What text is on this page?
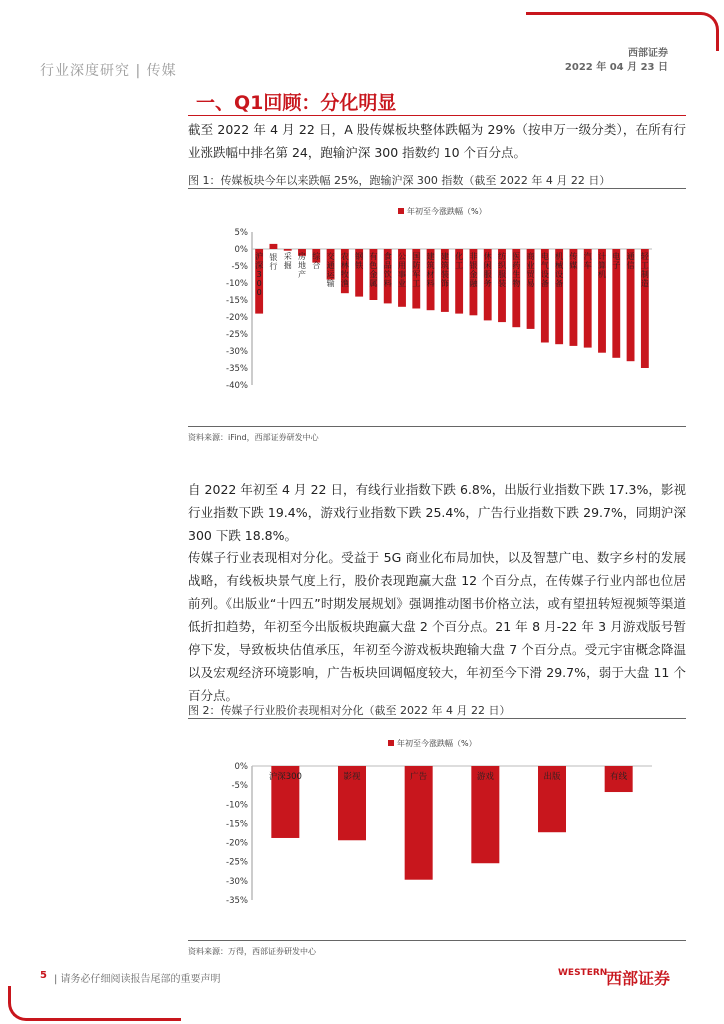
行业深度研究 | 传媒
西部证券
2022 年 04 月 23 日
一、Q1回顾：分化明显
截至 2022 年 4 月 22 日，A 股传媒板块整体跌幅为 29%（按申万一级分类），在所有行业涨跌幅中排名第 24，跑输沪深 300 指数约 10 个百分点。
图 1：传媒板块今年以来跌幅 25%，跑输沪深 300 指数（截至 2022 年 4 月 22 日）
年初至今涨跌幅（%）
5%
0%
-5%
-10%
-15%
-20%
-25%
-30%
-35%
-40%
沪
深
3
0
0
银
行
采
掘
房
地
产
综
合
交
通
运
输
农
林
牧
渔
钢
铁
有
色
金
属
食
品
饮
料
公
用
事
业
国
防
军
工
建
筑
材
料
建
筑
装
饰
化
工
非
银
金
融
休
闲
服
务
纺
织
服
装
医
药
生
物
商
业
贸
易
电
气
设
备
机
械
设
备
传
媒
汽
车
计
算
机
电
子
通
信
轻
工
制
造
资料来源：iFind，西部证券研发中心
自 2022 年初至 4 月 22 日，有线行业指数下跌 6.8%，出版行业指数下跌 17.3%，影视行业指数下跌 19.4%，游戏行业指数下跌 25.4%，广告行业指数下跌 29.7%，同期沪深 300 下跌 18.8%。
传媒子行业表现相对分化。受益于 5G 商业化布局加快，以及智慧广电、数字乡村的发展战略，有线板块景气度上行，股价表现跑赢大盘 12 个百分点，在传媒子行业内部也位居前列。《出版业“十四五”时期发展规划》强调推动图书价格立法，或有望扭转短视频等渠道低折扣趋势，年初至今出版板块跑赢大盘 2 个百分点。21 年 8 月-22 年 3 月游戏版号暂停下发，导致板块估值承压，年初至今游戏板块跑输大盘 7 个百分点。受元宇宙概念降温以及宏观经济环境影响，广告板块回调幅度较大，年初至今下滑 29.7%，弱于大盘 11 个百分点。
图 2：传媒子行业股价表现相对分化（截至 2022 年 4 月 22 日）
年初至今涨跌幅（%）
0%
-5%
-10%
-15%
-20%
-25%
-30%
-35%
沪深300	影视	广告	游戏	出版	有线
资料来源：万得，西部证券研发中心
5 | 请务必仔细阅读报告尾部的重要声明
WESTERN
西部证券
